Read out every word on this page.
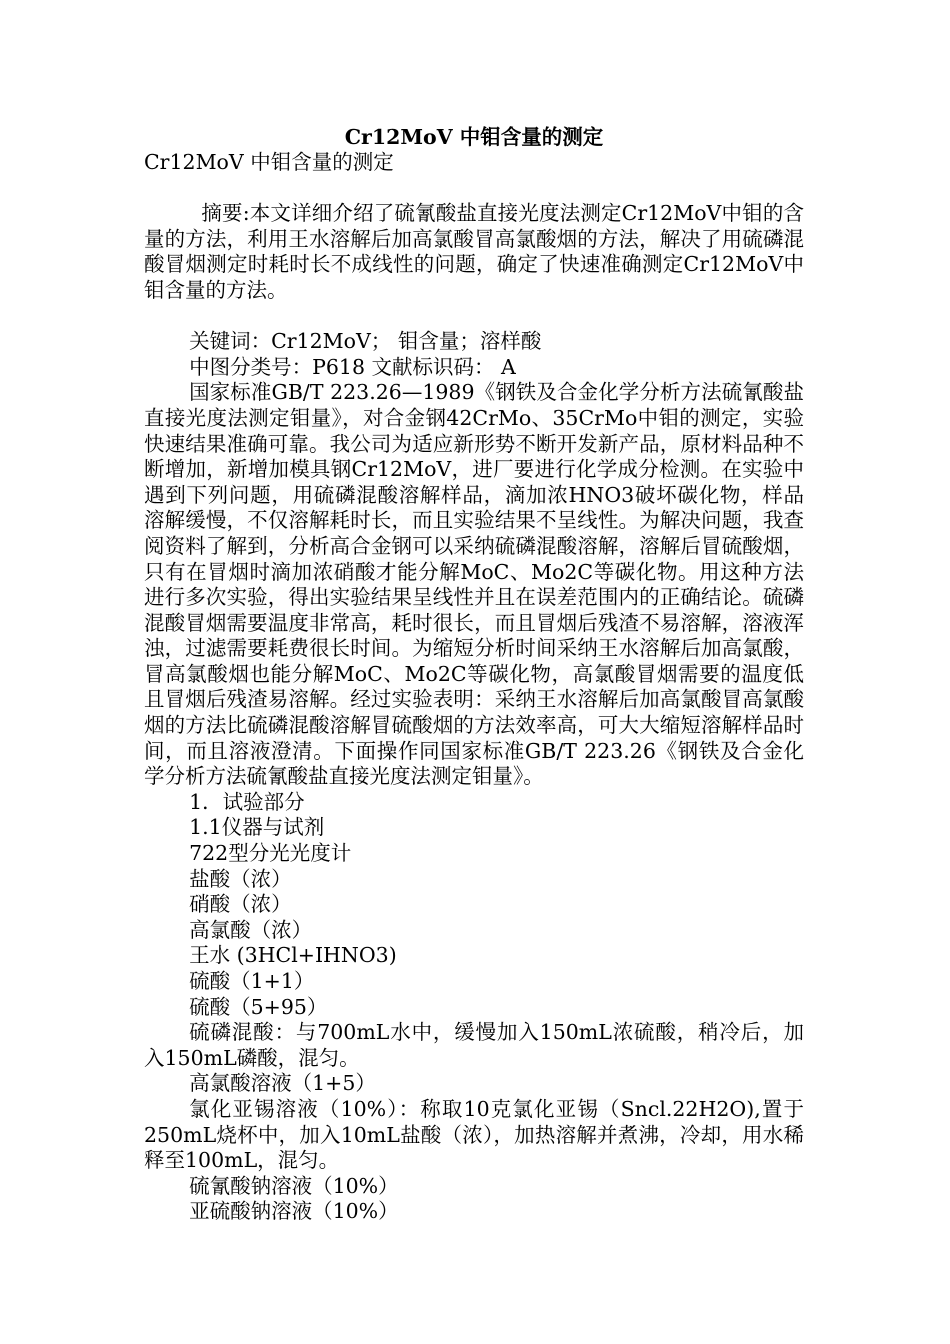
Cr12MoV 中钼含量的测定

Cr12MoV 中钼含量的测定

摘要:本文详细介绍了硫氰酸盐直接光度法测定Cr12MoV中钼的含量的方法，利用王水溶解后加高氯酸冒高氯酸烟的方法，解决了用硫磷混酸冒烟测定时耗时长不成线性的问题，确定了快速准确测定Cr12MoV中钼含量的方法。

关键词：Cr12MoV； 钼含量；溶样酸

中图分类号：P618 文献标识码： A

国家标准GB/T 223.26—1989《钢铁及合金化学分析方法硫氰酸盐直接光度法测定钼量》，对合金钢42CrMo、35CrMo中钼的测定，实验快速结果准确可靠。我公司为适应新形势不断开发新产品，原材料品种不断增加，新增加模具钢Cr12MoV，进厂要进行化学成分检测。在实验中遇到下列问题，用硫磷混酸溶解样品，滴加浓HNO3破坏碳化物，样品溶解缓慢，不仅溶解耗时长，而且实验结果不呈线性。为解决问题，我查阅资料了解到，分析高合金钢可以采纳硫磷混酸溶解，溶解后冒硫酸烟，只有在冒烟时滴加浓硝酸才能分解MoC、Mo2C等碳化物。用这种方法进行多次实验，得出实验结果呈线性并且在误差范围内的正确结论。硫磷混酸冒烟需要温度非常高，耗时很长，而且冒烟后残渣不易溶解，溶液浑浊，过滤需要耗费很长时间。为缩短分析时间采纳王水溶解后加高氯酸，冒高氯酸烟也能分解MoC、Mo2C等碳化物，高氯酸冒烟需要的温度低且冒烟后残渣易溶解。经过实验表明：采纳王水溶解后加高氯酸冒高氯酸烟的方法比硫磷混酸溶解冒硫酸烟的方法效率高，可大大缩短溶解样品时间，而且溶液澄清。下面操作同国家标准GB/T 223.26《钢铁及合金化学分析方法硫氰酸盐直接光度法测定钼量》。

1．试验部分

1.1仪器与试剂

722型分光光度计

盐酸（浓）

硝酸（浓）

高氯酸（浓）

王水 (3HCl+IHNO3)

硫酸（1+1）

硫酸（5+95）

硫磷混酸：与700mL水中，缓慢加入150mL浓硫酸，稍冷后，加入150mL磷酸，混匀。

高氯酸溶液（1+5）

氯化亚锡溶液（10%）：称取10克氯化亚锡（Sncl.22H2O),置于250mL烧杯中，加入10mL盐酸（浓），加热溶解并煮沸，冷却，用水稀释至100mL，混匀。

硫氰酸钠溶液（10%）

亚硫酸钠溶液（10%）
